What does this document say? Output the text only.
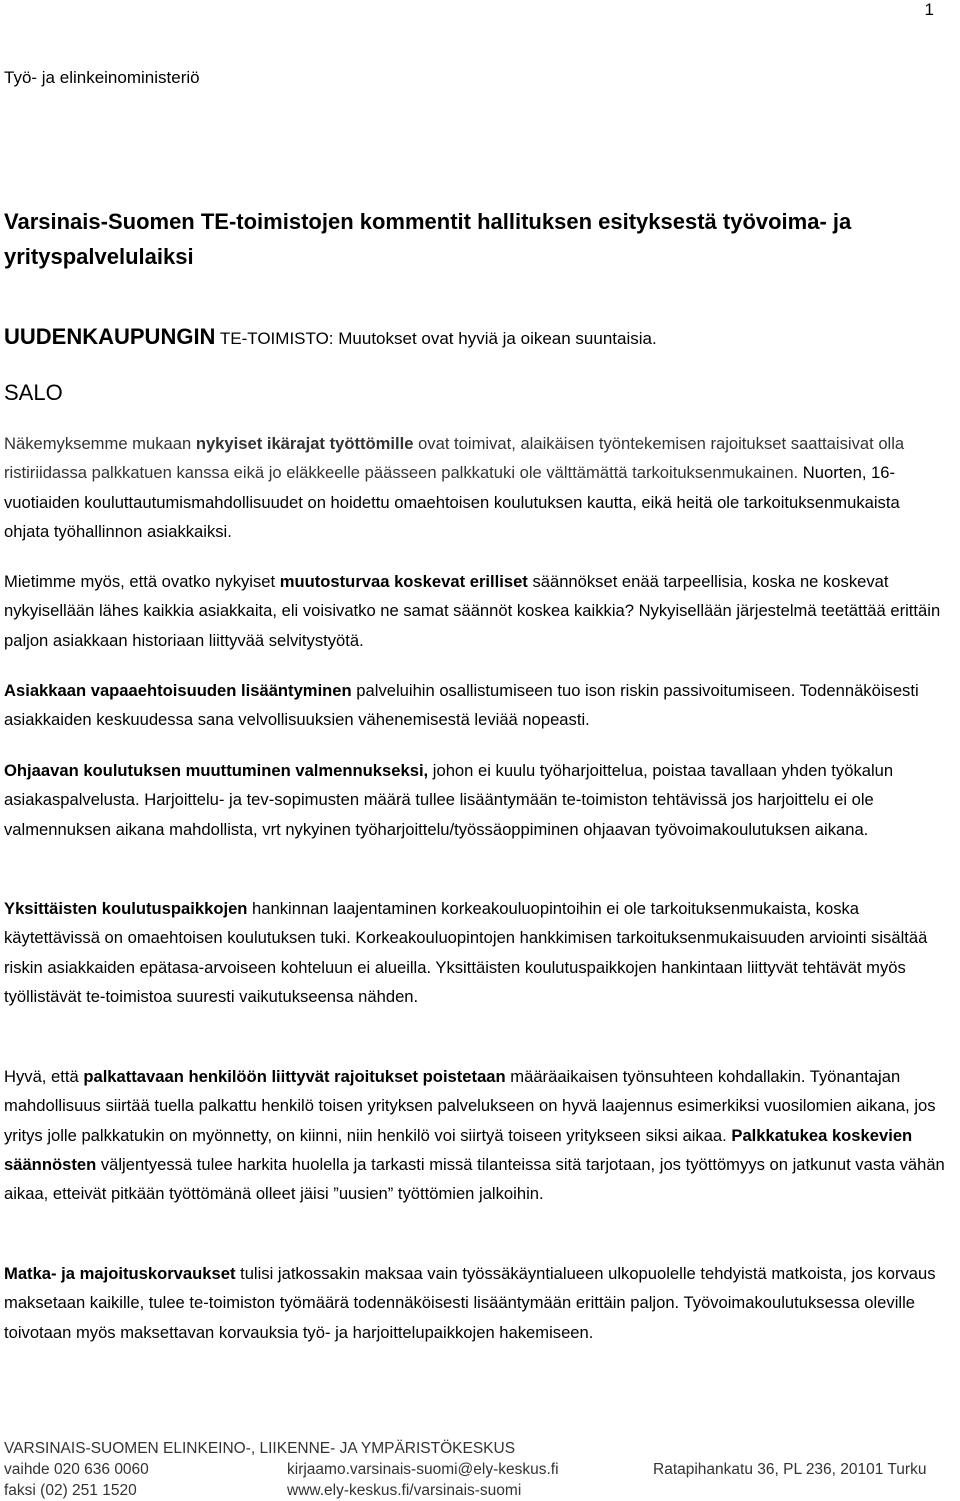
1
Työ- ja elinkeinoministeriö
Varsinais-Suomen TE-toimistojen kommentit hallituksen esityksestä työvoima- ja yrityspalvelulaiksi
UUDENKAUPUNGIN TE-TOIMISTO: Muutokset ovat hyviä ja oikean suuntaisia.
SALO

Näkemyksemme mukaan nykyiset ikärajat työttömille ovat toimivat, alaikäisen työntekemisen rajoitukset saattaisivat olla ristiriidassa palkkatuen kanssa eikä jo eläkkeelle päässeen palkkatuki ole välttämättä tarkoituksenmukainen. Nuorten, 16-vuotiaiden kouluttautumismahdollisuudet on hoidettu omaehtoisen koulutuksen kautta, eikä heitä ole tarkoituksenmukaista ohjata työhallinnon asiakkaiksi.

Mietimme myös, että ovatko nykyiset muutosturvaa koskevat erilliset säännökset enää tarpeellisia, koska ne koskevat nykyisellään lähes kaikkia asiakkaita, eli voisivatko ne samat säännöt koskea kaikkia? Nykyisellään järjestelmä teetättää erittäin paljon asiakkaan historiaan liittyvää selvitystyötä.

Asiakkaan vapaaehtoisuuden lisääntyminen palveluihin osallistumiseen tuo ison riskin passivoitumiseen. Todennäköisesti asiakkaiden keskuudessa sana velvollisuuksien vähenemisestä leviää nopeasti.

Ohjaavan koulutuksen muuttuminen valmennukseksi, johon ei kuulu työharjoittelua, poistaa tavallaan yhden työkalun asiakaspalvelusta. Harjoittelu- ja tev-sopimusten määrä tullee lisääntymään te-toimiston tehtävissä jos harjoittelu ei ole valmennuksen aikana mahdollista, vrt nykyinen työharjoittelu/työssäoppiminen ohjaavan työvoimakoulutuksen aikana.

Yksittäisten koulutuspaikkojen hankinnan laajentaminen korkeakouluopintoihin ei ole tarkoituksenmukaista, koska käytettävissä on omaehtoisen koulutuksen tuki. Korkeakouluopintojen hankkimisen tarkoituksenmukaisuuden arviointi sisältää riskin asiakkaiden epätasa-arvoiseen kohteluun ei alueilla. Yksittäisten koulutuspaikkojen hankintaan liittyvät tehtävät myös työllistävät te-toimistoa suuresti vaikutukseensa nähden.

Hyvä, että palkattavaan henkilöön liittyvät rajoitukset poistetaan määräaikaisen työnsuhteen kohdallakin. Työnantajan mahdollisuus siirtää tuella palkattu henkilö toisen yrityksen palvelukseen on hyvä laajennus esimerkiksi vuosilomien aikana, jos yritys jolle palkkatukin on myönnetty, on kiinni, niin henkilö voi siirtyä toiseen yritykseen siksi aikaa. Palkkatukea koskevien säännösten väljentyessä tulee harkita huolella ja tarkasti missä tilanteissa sitä tarjotaan, jos työttömyys on jatkunut vasta vähän aikaa, etteivät pitkään työttömänä olleet jäisi ”uusien” työttömien jalkoihin.

Matka- ja majoituskorvaukset tulisi jatkossakin maksaa vain työssäkäyntialueen ulkopuolelle tehdyistä matkoista, jos korvaus maksetaan kaikille, tulee te-toimiston työmäärä todennäköisesti lisääntymään erittäin paljon. Työvoimakoulutuksessa oleville toivotaan myös maksettavan korvauksia työ- ja harjoittelupaikkojen hakemiseen.

VARSINAIS-SUOMEN ELINKEINO-, LIIKENNE- JA YMPÄRISTÖKESKUS
vaihde 020 636 0060	kirjaamo.varsinais-suomi@ely-keskus.fi	Ratapihankatu 36, PL 236, 20101 Turku
faksi (02) 251 1520	www.ely-keskus.fi/varsinais-suomi
